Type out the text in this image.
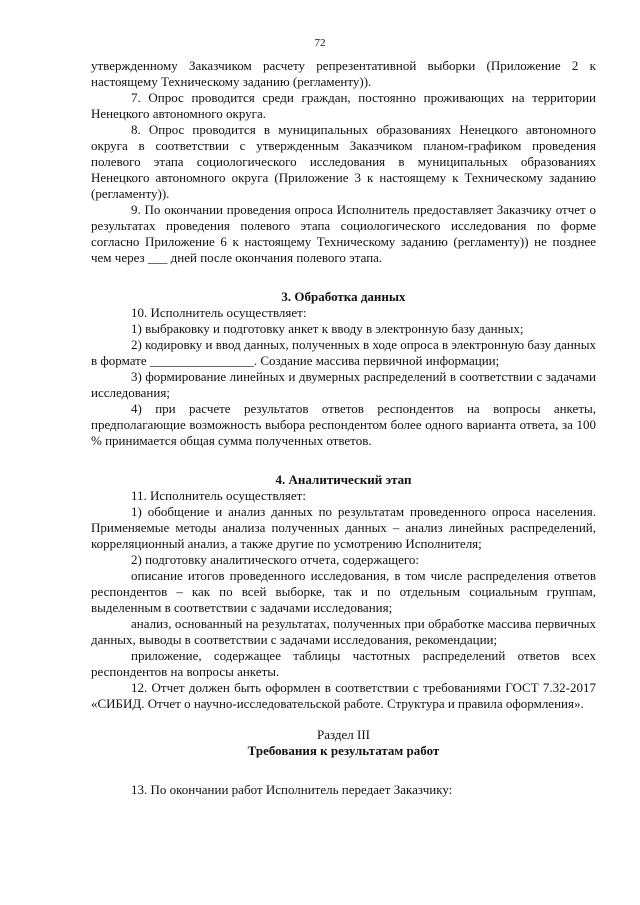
72

утвержденному Заказчиком расчету репрезентативной выборки (Приложение 2 к настоящему Техническому заданию (регламенту)).

7. Опрос проводится среди граждан, постоянно проживающих на территории Ненецкого автономного округа.

8. Опрос проводится в муниципальных образованиях Ненецкого автономного округа в соответствии с утвержденным Заказчиком планом-графиком проведения полевого этапа социологического исследования в муниципальных образованиях Ненецкого автономного округа (Приложение 3 к настоящему к Техническому заданию (регламенту)).

9. По окончании проведения опроса Исполнитель предоставляет Заказчику отчет о результатах проведения полевого этапа социологического исследования по форме согласно Приложение 6 к настоящему Техническому заданию (регламенту)) не позднее чем через ___ дней после окончания полевого этапа.

3. Обработка данных

10. Исполнитель осуществляет:

1) выбраковку и подготовку анкет к вводу в электронную базу данных;

2) кодировку и ввод данных, полученных в ходе опроса в электронную базу данных в формате ________________. Создание массива первичной информации;

3) формирование линейных и двумерных распределений в соответствии с задачами исследования;

4) при расчете результатов ответов респондентов на вопросы анкеты, предполагающие возможность выбора респондентом более одного варианта ответа, за 100 % принимается общая сумма полученных ответов.

4. Аналитический этап

11. Исполнитель осуществляет:

1) обобщение и анализ данных по результатам проведенного опроса населения. Применяемые методы анализа полученных данных – анализ линейных распределений, корреляционный анализ, а также другие по усмотрению Исполнителя;

2) подготовку аналитического отчета, содержащего:

описание итогов проведенного исследования, в том числе распределения ответов респондентов – как по всей выборке, так и по отдельным социальным группам, выделенным в соответствии с задачами исследования;

анализ, основанный на результатах, полученных при обработке массива первичных данных, выводы в соответствии с задачами исследования, рекомендации;

приложение, содержащее таблицы частотных распределений ответов всех респондентов на вопросы анкеты.

12. Отчет должен быть оформлен в соответствии с требованиями ГОСТ 7.32-2017 «СИБИД. Отчет о научно-исследовательской работе. Структура и правила оформления».

Раздел III

Требования к результатам работ

13. По окончании работ Исполнитель передает Заказчику:
